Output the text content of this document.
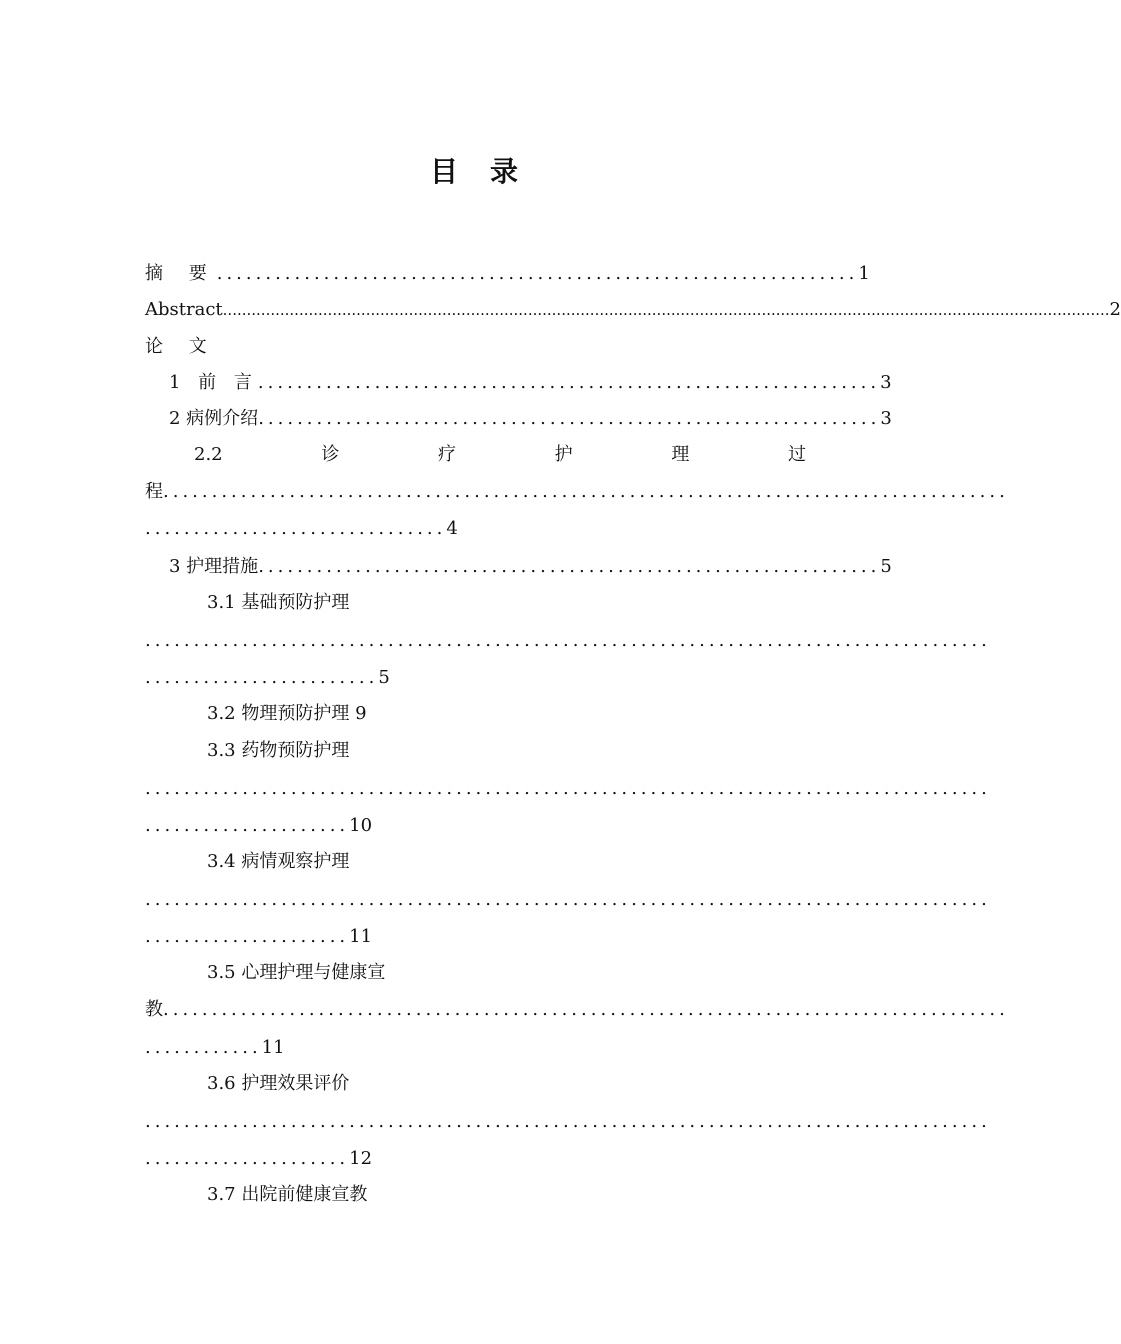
目　录
摘 要 .................................................................. 1
Abstract .......................................................................................................................................................................................... 2
论 文
1 前 言 ................................................................ 3
2 病例介绍 ................................................................ 3
2.2	诊	疗	护	理	过
程.......................................................................................
...............................4
3 护理措施 ................................................................ 5
3.1 基础预防护理
.......................................................................................
........................5
3.2 物理预防护理 9
3.3 药物预防护理
.......................................................................................
.....................10
3.4 病情观察护理
.......................................................................................
.....................11
3.5 心理护理与健康宣
教.......................................................................................
............11
3.6 护理效果评价
.......................................................................................
.....................12
3.7 出院前健康宣教
